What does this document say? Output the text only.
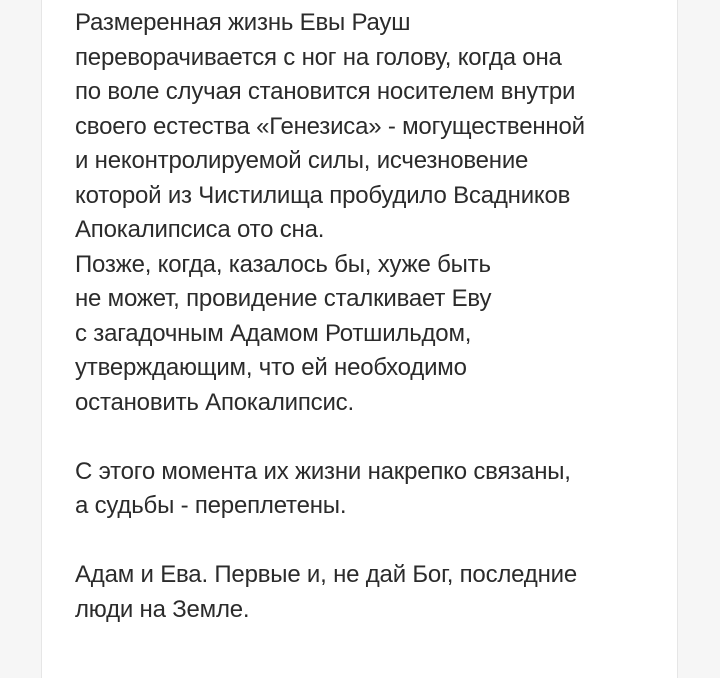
Размеренная жизнь Евы Рауш
переворачивается с ног на голову, когда она
по воле случая становится носителем внутри
своего естества «Генезиса» - могущественной
и неконтролируемой силы, исчезновение
которой из Чистилища пробудило Всадников
Апокалипсиса ото сна.
Позже, когда, казалось бы, хуже быть
не может, провидение сталкивает Еву
с загадочным Адамом Ротшильдом,
утверждающим, что ей необходимо
остановить Апокалипсис.
С этого момента их жизни накрепко связаны,
а судьбы - переплетены.
Адам и Ева. Первые и, не дай Бог, последние
люди на Земле.
